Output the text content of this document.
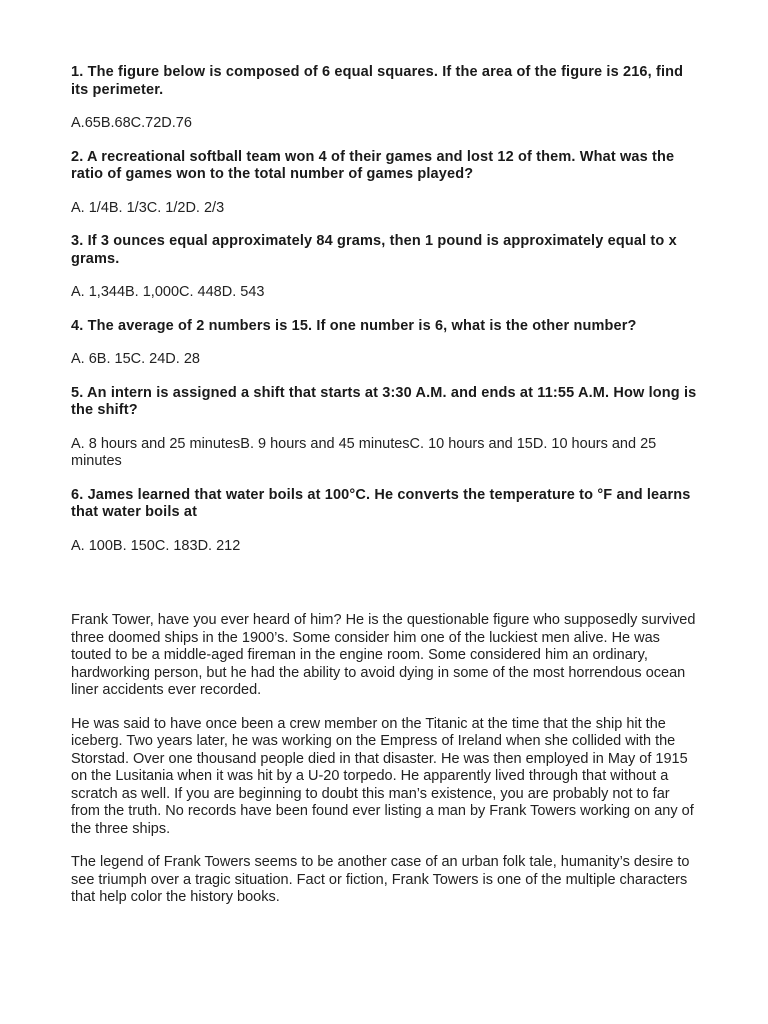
1. The figure below is composed of 6 equal squares. If the area of the figure is 216, find its perimeter.

A.65B.68C.72D.76

2. A recreational softball team won 4 of their games and lost 12 of them. What was the ratio of games won to the total number of games played?

A. 1/4B. 1/3C. 1/2D. 2/3

3. If 3 ounces equal approximately 84 grams, then 1 pound is approximately equal to x grams.

A. 1,344B. 1,000C. 448D. 543

4. The average of 2 numbers is 15. If one number is 6, what is the other number?

A. 6B. 15C. 24D. 28

5. An intern is assigned a shift that starts at 3:30 A.M. and ends at 11:55 A.M. How long is the shift?

A. 8 hours and 25 minutesB. 9 hours and 45 minutesC. 10 hours and 15D. 10 hours and 25 minutes

6. James learned that water boils at 100°C. He converts the temperature to °F and learns that water boils at

A. 100B. 150C. 183D. 212

Frank Tower, have you ever heard of him? He is the questionable figure who supposedly survived three doomed ships in the 1900’s. Some consider him one of the luckiest men alive. He was touted to be a middle-aged fireman in the engine room. Some considered him an ordinary, hardworking person, but he had the ability to avoid dying in some of the most horrendous ocean liner accidents ever recorded.

He was said to have once been a crew member on the Titanic at the time that the ship hit the iceberg. Two years later, he was working on the Empress of Ireland when she collided with the Storstad. Over one thousand people died in that disaster. He was then employed in May of 1915 on the Lusitania when it was hit by a U-20 torpedo. He apparently lived through that without a scratch as well. If you are beginning to doubt this man’s existence, you are probably not to far from the truth. No records have been found ever listing a man by Frank Towers working on any of the three ships.

The legend of Frank Towers seems to be another case of an urban folk tale, humanity’s desire to see triumph over a tragic situation. Fact or fiction, Frank Towers is one of the multiple characters that help color the history books.
